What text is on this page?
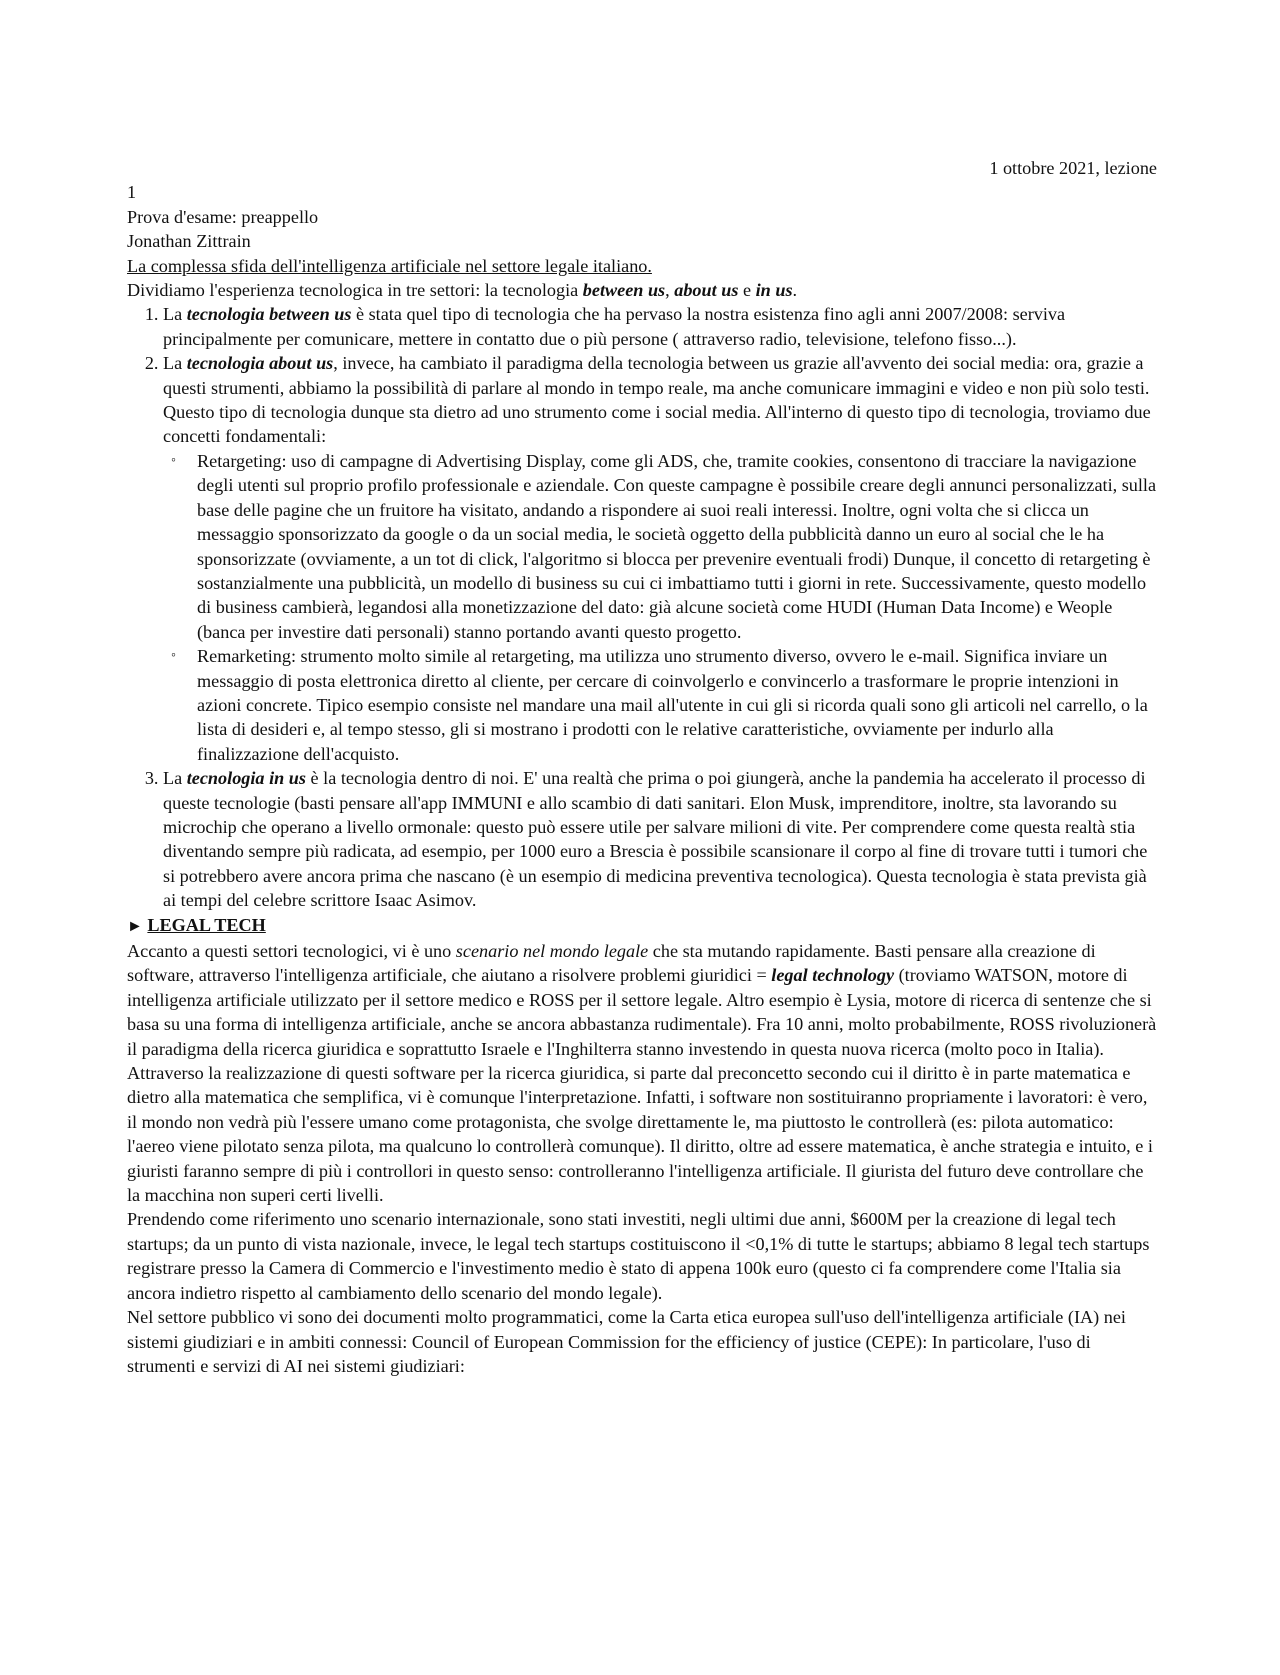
1 ottobre 2021, lezione

1

Prova d'esame: preappello

Jonathan Zittrain

La complessa sfida dell'intelligenza artificiale nel settore legale italiano.

Dividiamo l'esperienza tecnologica in tre settori: la tecnologia between us, about us e in us.

1. La tecnologia between us è stata quel tipo di tecnologia che ha pervaso la nostra esistenza fino agli anni 2007/2008: serviva principalmente per comunicare, mettere in contatto due o più persone ( attraverso radio, televisione, telefono fisso...).
2. La tecnologia about us, invece, ha cambiato il paradigma della tecnologia between us grazie all'avvento dei social media: ora, grazie a questi strumenti, abbiamo la possibilità di parlare al mondo in tempo reale, ma anche comunicare immagini e video e non più solo testi. Questo tipo di tecnologia dunque sta dietro ad uno strumento come i social media. All'interno di questo tipo di tecnologia, troviamo due concetti fondamentali:
◦ Retargeting: uso di campagne di Advertising Display, come gli ADS, che, tramite cookies, consentono di tracciare la navigazione degli utenti sul proprio profilo professionale e aziendale. Con queste campagne è possibile creare degli annunci personalizzati, sulla base delle pagine che un fruitore ha visitato, andando a rispondere ai suoi reali interessi. Inoltre, ogni volta che si clicca un messaggio sponsorizzato da google o da un social media, le società oggetto della pubblicità danno un euro al social che le ha sponsorizzate (ovviamente, a un tot di click, l'algoritmo si blocca per prevenire eventuali frodi) Dunque, il concetto di retargeting è sostanzialmente una pubblicità, un modello di business su cui ci imbattiamo tutti i giorni in rete. Successivamente, questo modello di business cambierà, legandosi alla monetizzazione del dato: già alcune società come HUDI (Human Data Income) e Weople (banca per investire dati personali) stanno portando avanti questo progetto.
◦ Remarketing: strumento molto simile al retargeting, ma utilizza uno strumento diverso, ovvero le e-mail. Significa inviare un messaggio di posta elettronica diretto al cliente, per cercare di coinvolgerlo e convincerlo a trasformare le proprie intenzioni in azioni concrete. Tipico esempio consiste nel mandare una mail all'utente in cui gli si ricorda quali sono gli articoli nel carrello, o la lista di desideri e, al tempo stesso, gli si mostrano i prodotti con le relative caratteristiche, ovviamente per indurlo alla finalizzazione dell'acquisto.
3. La tecnologia in us è la tecnologia dentro di noi. E' una realtà che prima o poi giungerà, anche la pandemia ha accelerato il processo di queste tecnologie (basti pensare all'app IMMUNI e allo scambio di dati sanitari. Elon Musk, imprenditore, inoltre, sta lavorando su microchip che operano a livello ormonale: questo può essere utile per salvare milioni di vite. Per comprendere come questa realtà stia diventando sempre più radicata, ad esempio, per 1000 euro a Brescia è possibile scansionare il corpo al fine di trovare tutti i tumori che si potrebbero avere ancora prima che nascano (è un esempio di medicina preventiva tecnologica). Questa tecnologia è stata prevista già ai tempi del celebre scrittore Isaac Asimov.

► LEGAL TECH

Accanto a questi settori tecnologici, vi è uno scenario nel mondo legale che sta mutando rapidamente. Basti pensare alla creazione di software, attraverso l'intelligenza artificiale, che aiutano a risolvere problemi giuridici = legal technology (troviamo WATSON, motore di intelligenza artificiale utilizzato per il settore medico e ROSS per il settore legale. Altro esempio è Lysia, motore di ricerca di sentenze che si basa su una forma di intelligenza artificiale, anche se ancora abbastanza rudimentale). Fra 10 anni, molto probabilmente, ROSS rivoluzionerà il paradigma della ricerca giuridica e soprattutto Israele e l'Inghilterra stanno investendo in questa nuova ricerca (molto poco in Italia). Attraverso la realizzazione di questi software per la ricerca giuridica, si parte dal preconcetto secondo cui il diritto è in parte matematica e dietro alla matematica che semplifica, vi è comunque l'interpretazione. Infatti, i software non sostituiranno propriamente i lavoratori: è vero, il mondo non vedrà più l'essere umano come protagonista, che svolge direttamente le, ma piuttosto le controllerà (es: pilota automatico: l'aereo viene pilotato senza pilota, ma qualcuno lo controllerà comunque). Il diritto, oltre ad essere matematica, è anche strategia e intuito, e i giuristi faranno sempre di più i controllori in questo senso: controlleranno l'intelligenza artificiale. Il giurista del futuro deve controllare che la macchina non superi certi livelli.

Prendendo come riferimento uno scenario internazionale, sono stati investiti, negli ultimi due anni, $600M per la creazione di legal tech startups; da un punto di vista nazionale, invece, le legal tech startups costituiscono il <0,1% di tutte le startups; abbiamo 8 legal tech startups registrare presso la Camera di Commercio e l'investimento medio è stato di appena 100k euro (questo ci fa comprendere come l'Italia sia ancora indietro rispetto al cambiamento dello scenario del mondo legale).

Nel settore pubblico vi sono dei documenti molto programmatici, come la Carta etica europea sull'uso dell'intelligenza artificiale (IA) nei sistemi giudiziari e in ambiti connessi: Council of European Commission for the efficiency of justice (CEPE): In particolare, l'uso di strumenti e servizi di AI nei sistemi giudiziari:
